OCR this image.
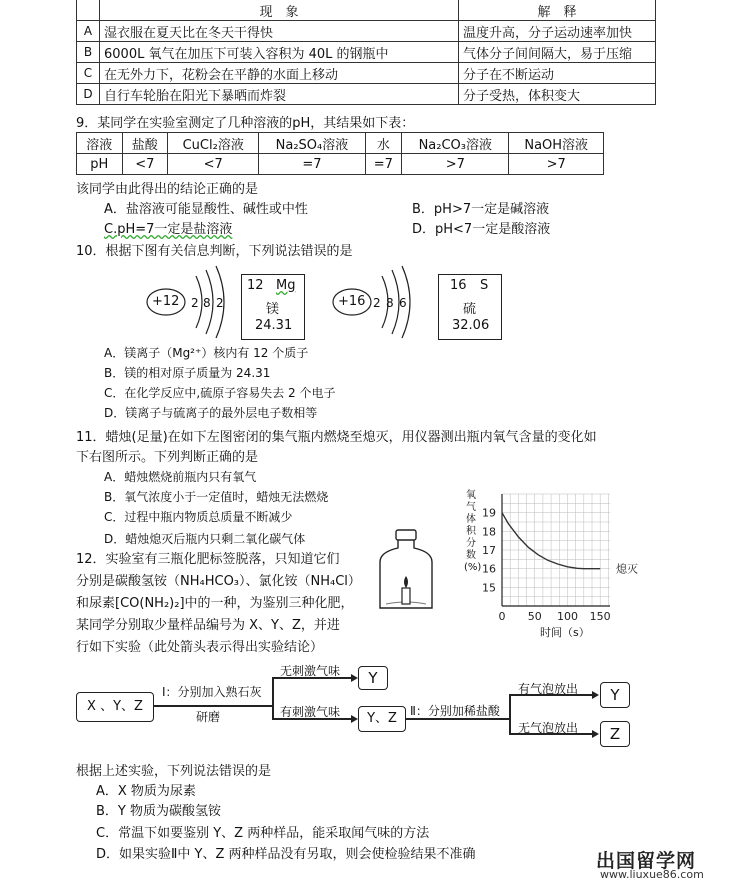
	现　象	解　释
A	湿衣服在夏天比在冬天干得快	温度升高，分子运动速率加快
B	6000L 氧气在加压下可装入容积为 40L 的钢瓶中	气体分子间间隔大，易于压缩
C	在无外力下，花粉会在平静的水面上移动	分子在不断运动
D	自行车轮胎在阳光下暴晒而炸裂	分子受热，体积变大
9．某同学在实验室测定了几种溶液的pH，其结果如下表：
溶液	盐酸	CuCl₂溶液	Na₂SO₄溶液	水	Na₂CO₃溶液	NaOH溶液
pH	<7	<7	=7	=7	>7	>7
该同学由此得出的结论正确的是
A．盐溶液可能显酸性、碱性或中性	B．pH>7一定是碱溶液
C.pH=7一定是盐溶液	D．pH<7一定是酸溶液
10．根据下图有关信息判断，下列说法错误的是
+12 2 8 2
12 Mg
镁
24.31
+16 2 8 6
16 S
硫
32.06
A．镁离子（Mg²⁺）核内有 12 个质子
B．镁的相对原子质量为 24.31
C．在化学反应中,硫原子容易失去 2 个电子
D．镁离子与硫离子的最外层电子数相等
11．蜡烛(足量)在如下左图密闭的集气瓶内燃烧至熄灭，用仪器测出瓶内氧气含量的变化如
下右图所示。下列判断正确的是
A．蜡烛燃烧前瓶内只有氧气
B．氧气浓度小于一定值时，蜡烛无法燃烧
C．过程中瓶内物质总质量不断减少
D．蜡烛熄灭后瓶内只剩二氧化碳气体
15
16
17
18
19
0 50 100 150
熄灭
氧气体积分数(%)
时间（s）
12．实验室有三瓶化肥标签脱落，只知道它们
分别是碳酸氢铵（NH₄HCO₃）、氯化铵（NH₄Cl）
和尿素[CO(NH₂)₂]中的一种，为鉴别三种化肥，
某同学分别取少量样品编号为 X、Y、Z，并进
行如下实验（此处箭头表示得出实验结论）
X 、Y、Z
Ⅰ：分别加入熟石灰
研磨
无刺激气味
有刺激气味
Y
Y、Z	Ⅱ：分别加稀盐酸
有气泡放出
无气泡放出
Y
Z
根据上述实验，下列说法错误的是
A．X 物质为尿素
B．Y 物质为碳酸氢铵
C．常温下如要鉴别 Y、Z 两种样品，能采取闻气味的方法
D．如果实验Ⅱ中 Y、Z 两种样品没有另取，则会使检验结果不准确	出国留学网
www.liuxue86.com
